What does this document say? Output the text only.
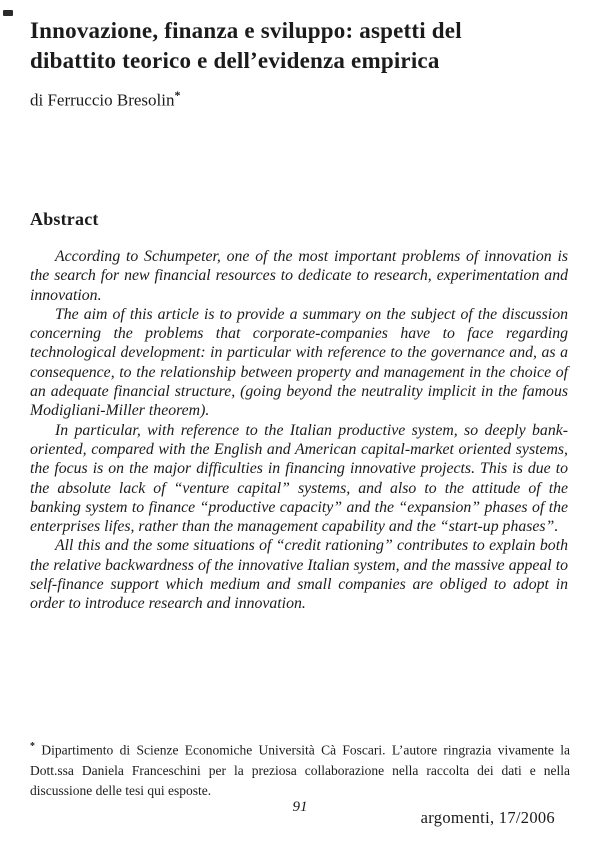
Innovazione, finanza e sviluppo: aspetti del
dibattito teorico e dell’evidenza empirica
di Ferruccio Bresolin*
Abstract

According to Schumpeter, one of the most important problems of innovation is the search for new financial resources to dedicate to research, experimentation and innovation.

The aim of this article is to provide a summary on the subject of the discussion concerning the problems that corporate-companies have to face regarding technological development: in particular with reference to the governance and, as a consequence, to the relationship between property and management in the choice of an adequate financial structure, (going beyond the neutrality implicit in the famous Modigliani-Miller theorem).

In particular, with reference to the Italian productive system, so deeply bank-oriented, compared with the English and American capital-market oriented systems, the focus is on the major difficulties in financing innovative projects. This is due to the absolute lack of “venture capital” systems, and also to the attitude of the banking system to finance “productive capacity” and the “expansion” phases of the enterprises lifes, rather than the management capability and the “start-up phases”.

All this and the some situations of “credit rationing” contributes to explain both the relative backwardness of the innovative Italian system, and the massive appeal to self-finance support which medium and small companies are obliged to adopt in order to introduce research and innovation.

* Dipartimento di Scienze Economiche Università Cà Foscari. L’autore ringrazia vivamente la Dott.ssa Daniela Franceschini per la preziosa collaborazione nella raccolta dei dati e nella discussione delle tesi qui esposte.
91
argomenti, 17/2006
